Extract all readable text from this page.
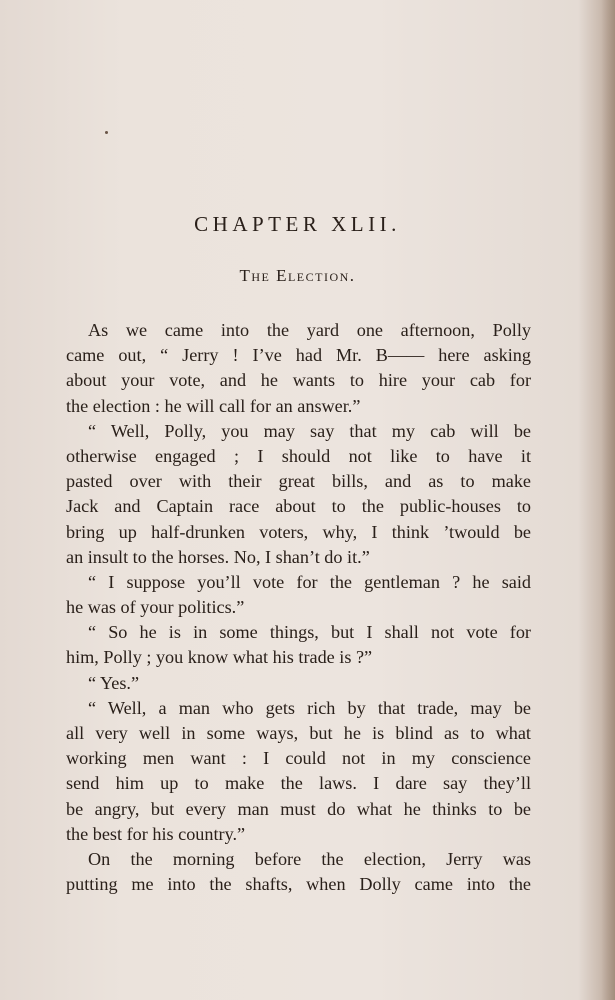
CHAPTER XLII.
The Election.
As we came into the yard one afternoon, Polly
came out, “ Jerry ! I’ve had Mr. B—— here asking
about your vote, and he wants to hire your cab for
the election : he will call for an answer.”
“ Well, Polly, you may say that my cab will be
otherwise engaged ; I should not like to have it
pasted over with their great bills, and as to make
Jack and Captain race about to the public-houses to
bring up half-drunken voters, why, I think ’twould be
an insult to the horses. No, I shan’t do it.”
“ I suppose you’ll vote for the gentleman ? he said
he was of your politics.”
“ So he is in some things, but I shall not vote for
him, Polly ; you know what his trade is ?”
“ Yes.”
“ Well, a man who gets rich by that trade, may be
all very well in some ways, but he is blind as to what
working men want : I could not in my conscience
send him up to make the laws. I dare say they’ll
be angry, but every man must do what he thinks to be
the best for his country.”
On the morning before the election, Jerry was
putting me into the shafts, when Dolly came into the
